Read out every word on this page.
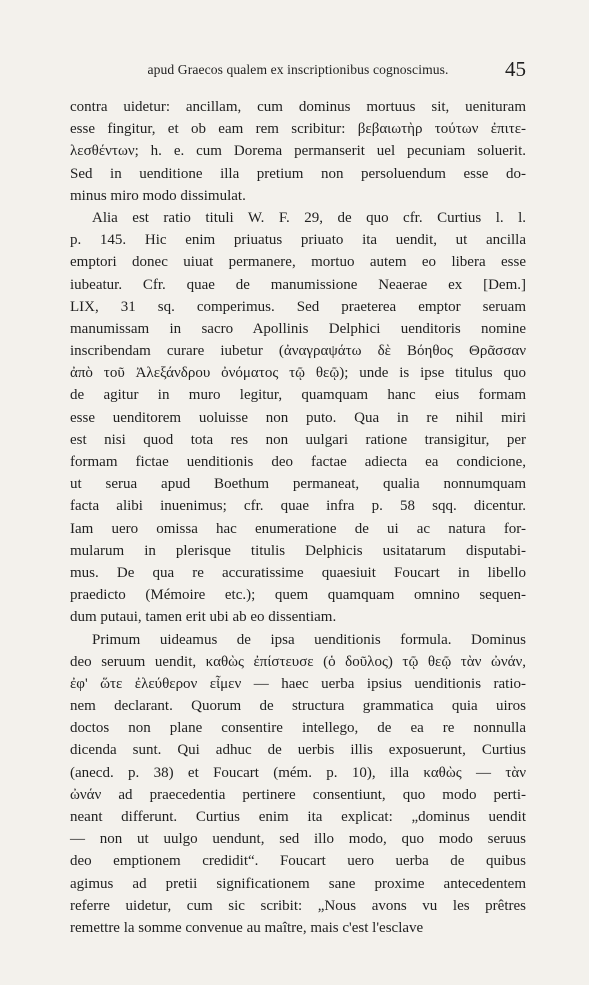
apud Graecos qualem ex inscriptionibus cognoscimus.	45
contra uidetur: ancillam, cum dominus mortuus sit, uenituram
esse fingitur, et ob eam rem scribitur: βεβαιωτὴρ τούτων ἐπιτε-
λεσθέντων; h. e. cum Dorema permanserit uel pecuniam soluerit.
Sed in uenditione illa pretium non persoluendum esse do-
minus miro modo dissimulat.
Alia est ratio tituli W. F. 29, de quo cfr. Curtius l. l.
p. 145. Hic enim priuatus priuato ita uendit, ut ancilla
emptori donec uiuat permanere, mortuo autem eo libera esse
iubeatur. Cfr. quae de manumissione Neaerae ex [Dem.]
LIX, 31 sq. comperimus. Sed praeterea emptor seruam
manumissam in sacro Apollinis Delphici uenditoris nomine
inscribendam curare iubetur (ἀναγραψάτω δὲ Βόηθος Θρᾶσσαν
ἀπὸ τοῦ Ἀλεξάνδρου ὀνόματος τῷ θεῷ); unde is ipse titulus quo
de agitur in muro legitur, quamquam hanc eius formam
esse uenditorem uoluisse non puto. Qua in re nihil miri
est nisi quod tota res non uulgari ratione transigitur, per
formam fictae uenditionis deo factae adiecta ea condicione,
ut serua apud Boethum permaneat, qualia nonnumquam
facta alibi inuenimus; cfr. quae infra p. 58 sqq. dicentur.
Iam uero omissa hac enumeratione de ui ac natura for-
mularum in plerisque titulis Delphicis usitatarum disputabi-
mus. De qua re accuratissime quaesiuit Foucart in libello
praedicto (Mémoire etc.); quem quamquam omnino sequen-
dum putaui, tamen erit ubi ab eo dissentiam.
Primum uideamus de ipsa uenditionis formula. Dominus
deo seruum uendit, καθὼς ἐπίστευσε (ὁ δοῦλος) τῷ θεῷ τὰν ὠνάν,
ἐφ' ὥτε ἐλεύθερον εἶμεν — haec uerba ipsius uenditionis ratio-
nem declarant. Quorum de structura grammatica quia uiros
doctos non plane consentire intellego, de ea re nonnulla
dicenda sunt. Qui adhuc de uerbis illis exposuerunt, Curtius
(anecd. p. 38) et Foucart (mém. p. 10), illa καθὼς — τὰν
ὠνάν ad praecedentia pertinere consentiunt, quo modo perti-
neant differunt. Curtius enim ita explicat: „dominus uendit
— non ut uulgo uendunt, sed illo modo, quo modo seruus
deo emptionem credidit“. Foucart uero uerba de quibus
agimus ad pretii significationem sane proxime antecedentem
referre uidetur, cum sic scribit: „Nous avons vu les prêtres
remettre la somme convenue au maître, mais c'est l'esclave
